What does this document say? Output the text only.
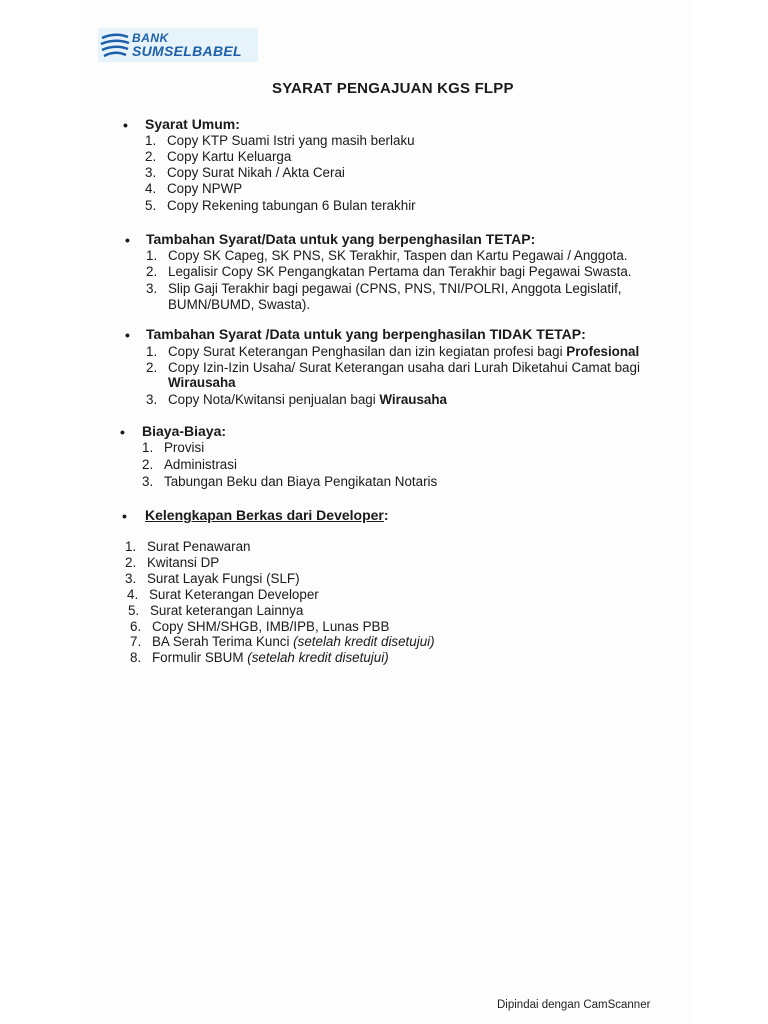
BANK
SUMSELBABEL
SYARAT PENGAJUAN KGS FLPP
• Syarat Umum:
1. Copy KTP Suami Istri yang masih berlaku
2. Copy Kartu Keluarga
3. Copy Surat Nikah / Akta Cerai
4. Copy NPWP
5. Copy Rekening tabungan 6 Bulan terakhir
• Tambahan Syarat/Data untuk yang berpenghasilan TETAP:
1. Copy SK Capeg, SK PNS, SK Terakhir, Taspen dan Kartu Pegawai / Anggota.
2. Legalisir Copy SK Pengangkatan Pertama dan Terakhir bagi Pegawai Swasta.
3. Slip Gaji Terakhir bagi pegawai (CPNS, PNS, TNI/POLRI, Anggota Legislatif,
BUMN/BUMD, Swasta).
• Tambahan Syarat /Data untuk yang berpenghasilan TIDAK TETAP:
1. Copy Surat Keterangan Penghasilan dan izin kegiatan profesi bagi Profesional
2. Copy Izin-Izin Usaha/ Surat Keterangan usaha dari Lurah Diketahui Camat bagi
Wirausaha
3. Copy Nota/Kwitansi penjualan bagi Wirausaha
• Biaya-Biaya:
1. Provisi
2. Administrasi
3. Tabungan Beku dan Biaya Pengikatan Notaris
• Kelengkapan Berkas dari Developer:
1. Surat Penawaran
2. Kwitansi DP
3. Surat Layak Fungsi (SLF)
4. Surat Keterangan Developer
5. Surat keterangan Lainnya
6. Copy SHM/SHGB, IMB/IPB, Lunas PBB
7. BA Serah Terima Kunci (setelah kredit disetujui)
8. Formulir SBUM (setelah kredit disetujui)
Dipindai dengan CamScanner
